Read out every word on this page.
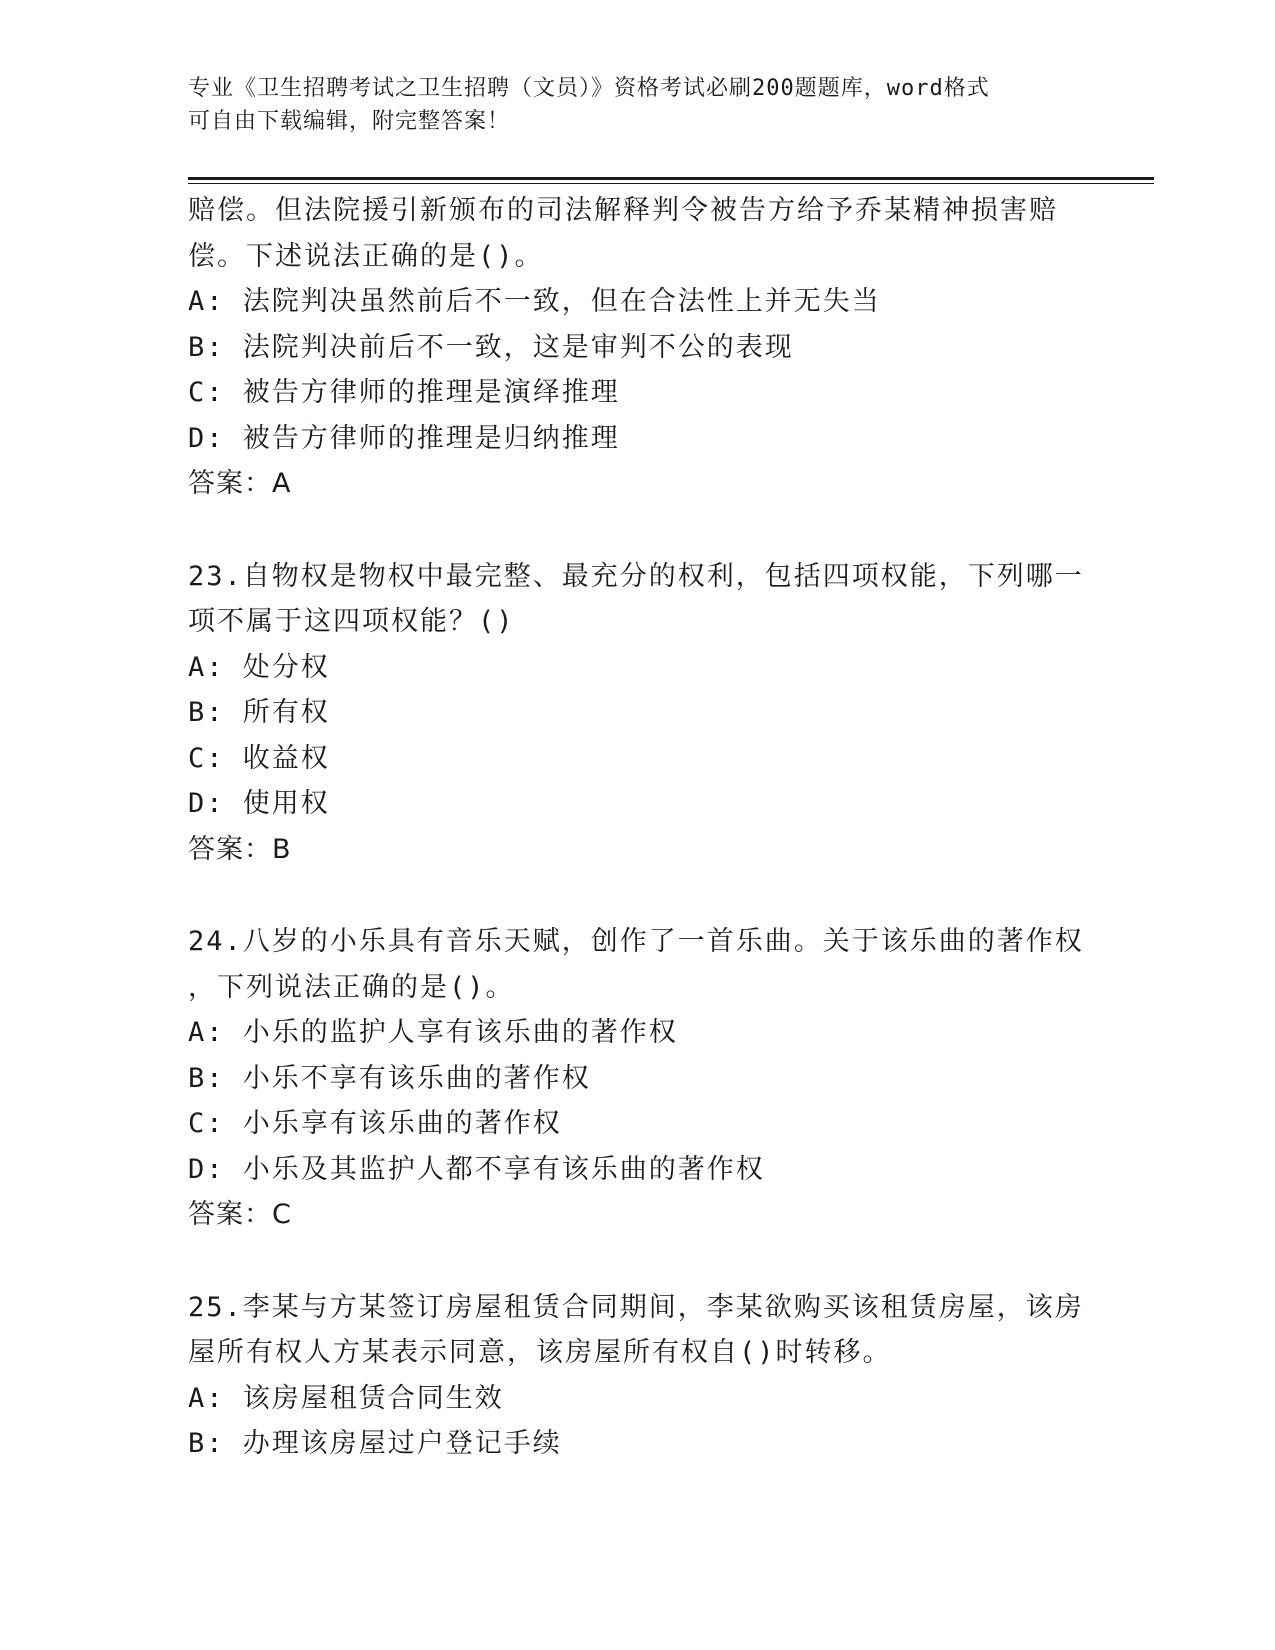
专业《卫生招聘考试之卫生招聘（文员）》资格考试必刷200题题库，word格式
可自由下载编辑，附完整答案！
赔偿。但法院援引新颁布的司法解释判令被告方给予乔某精神损害赔
偿。下述说法正确的是()。
A: 法院判决虽然前后不一致，但在合法性上并无失当
B: 法院判决前后不一致，这是审判不公的表现
C: 被告方律师的推理是演绎推理
D: 被告方律师的推理是归纳推理
答案：A
23.自物权是物权中最完整、最充分的权利，包括四项权能，下列哪一
项不属于这四项权能？()
A: 处分权
B: 所有权
C: 收益权
D: 使用权
答案：B
24.八岁的小乐具有音乐天赋，创作了一首乐曲。关于该乐曲的著作权
，下列说法正确的是()。
A: 小乐的监护人享有该乐曲的著作权
B: 小乐不享有该乐曲的著作权
C: 小乐享有该乐曲的著作权
D: 小乐及其监护人都不享有该乐曲的著作权
答案：C
25.李某与方某签订房屋租赁合同期间，李某欲购买该租赁房屋，该房
屋所有权人方某表示同意，该房屋所有权自()时转移。
A: 该房屋租赁合同生效
B: 办理该房屋过户登记手续
